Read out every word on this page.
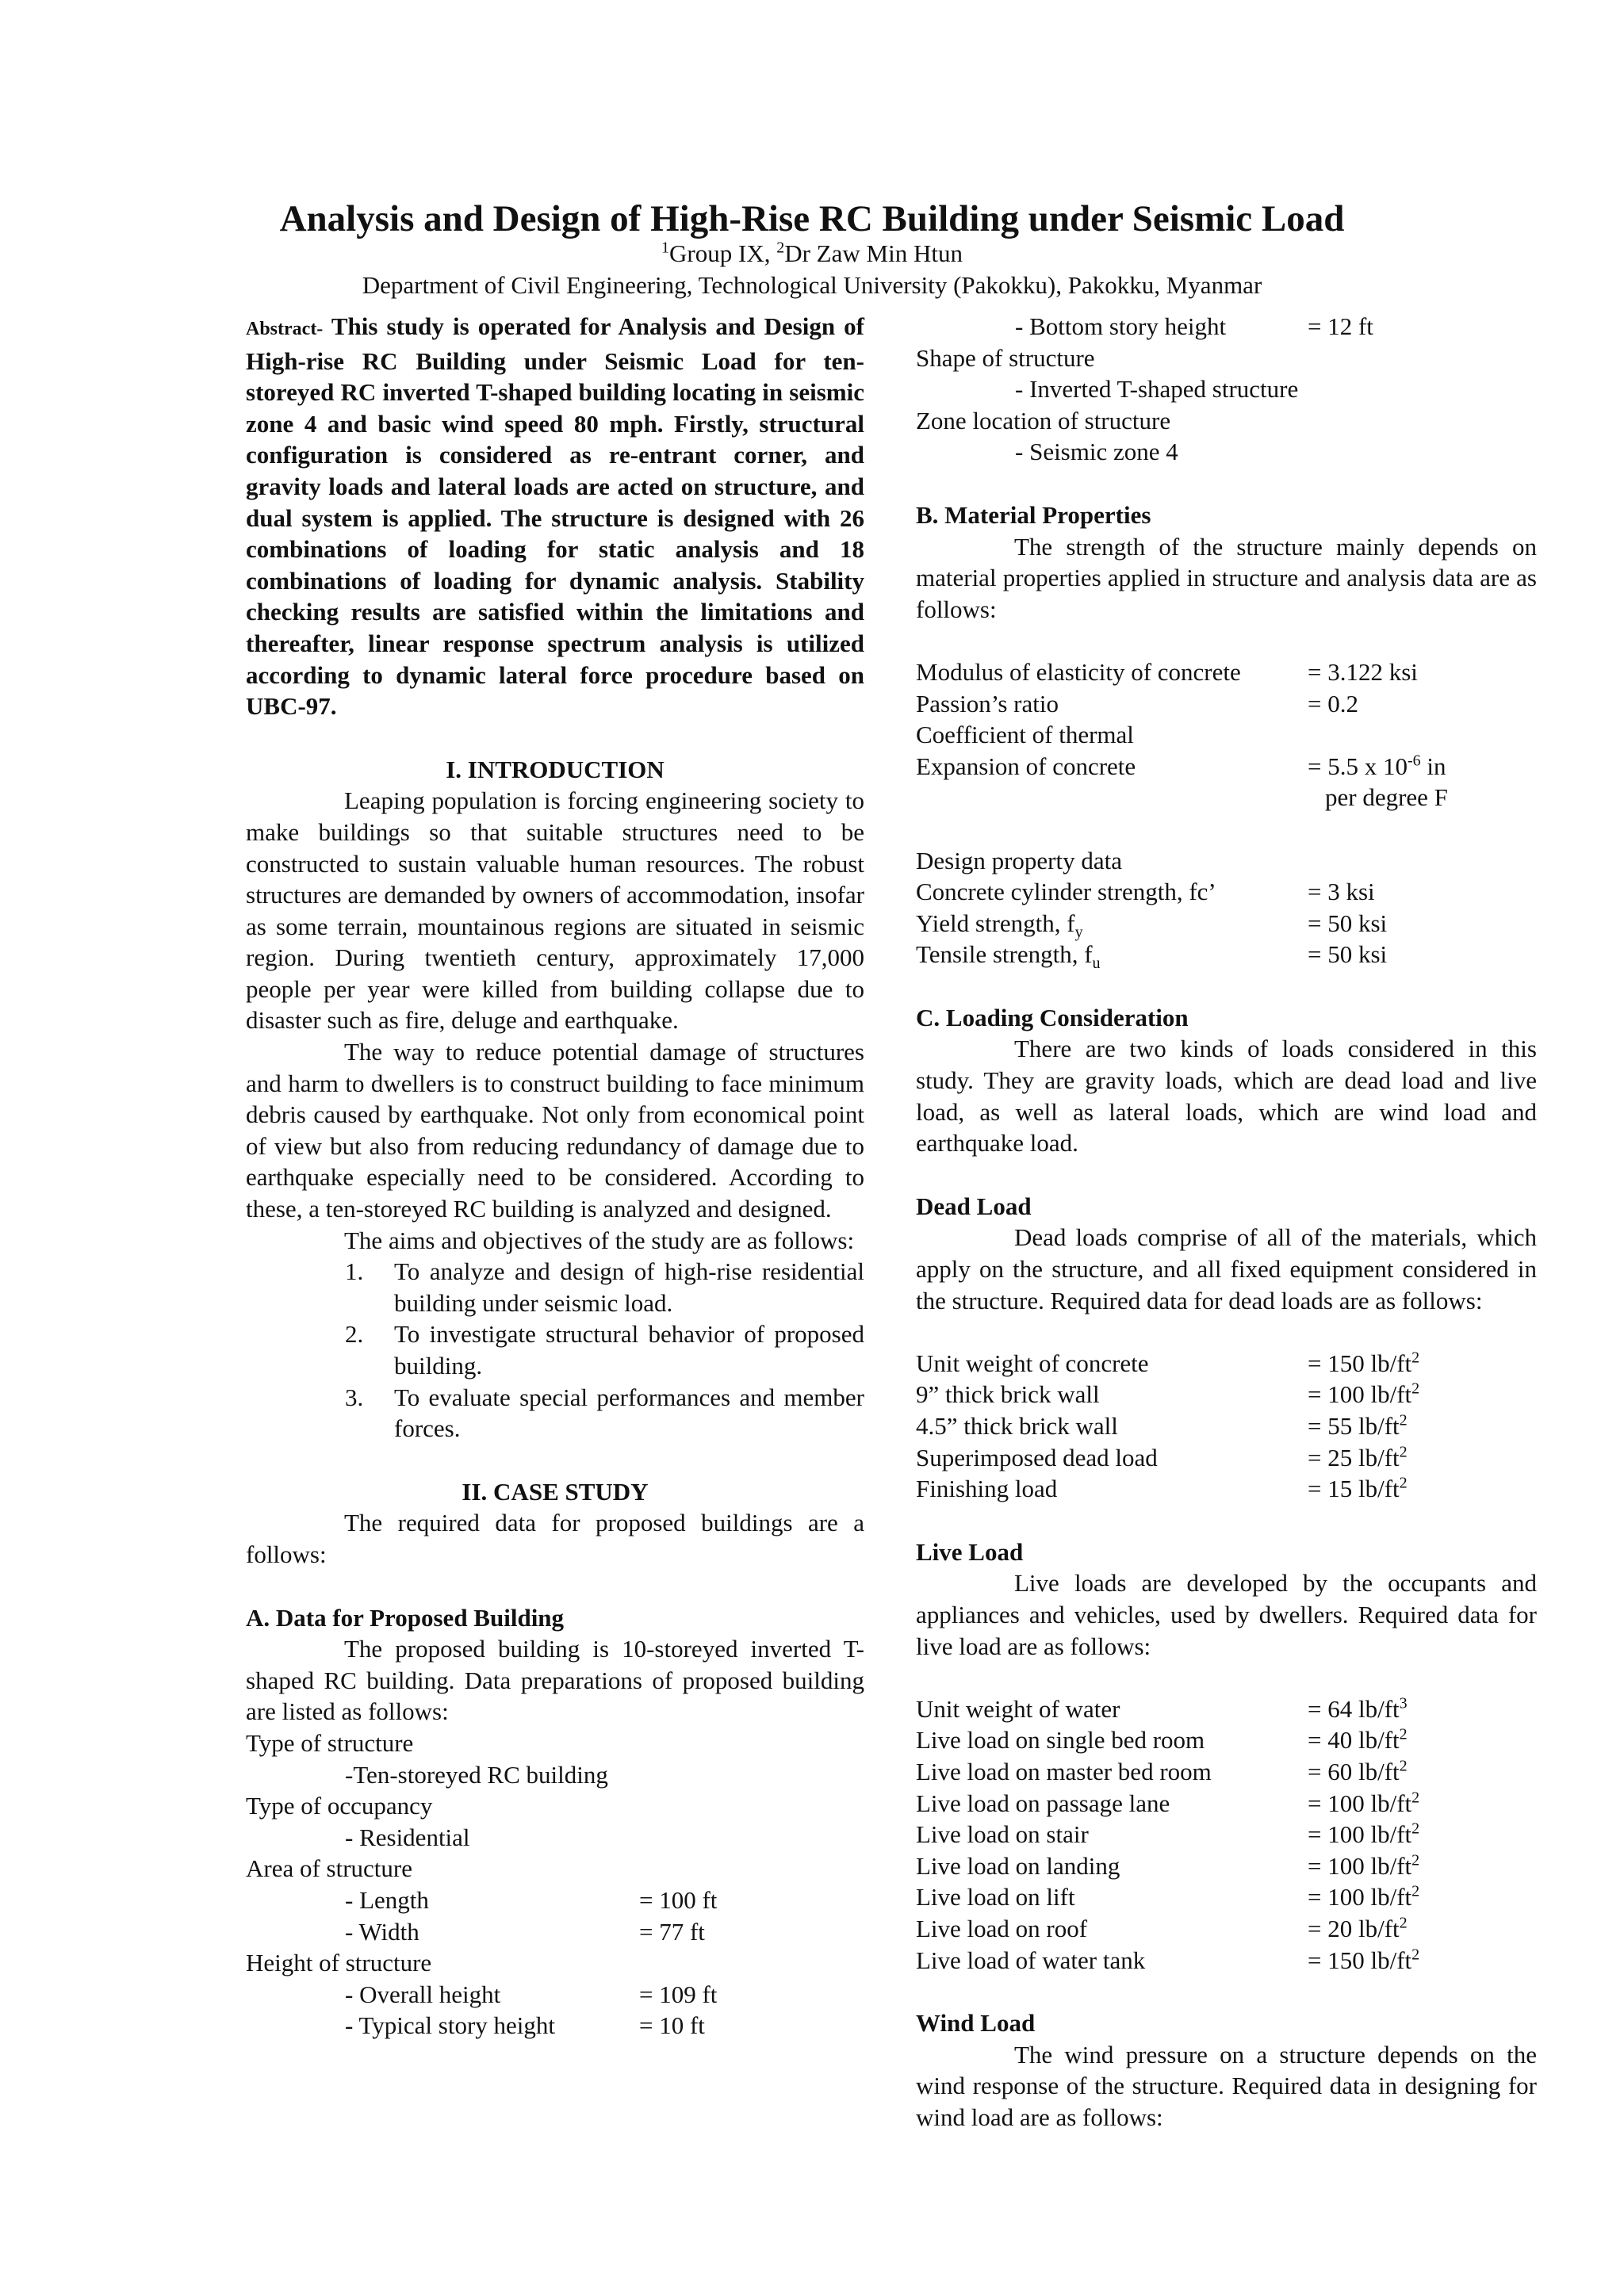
Analysis and Design of High-Rise RC Building under Seismic Load
$^1$Group IX, $^2$Dr Zaw Min Htun
Department of Civil Engineering, Technological University (Pakokku), Pakokku, Myanmar

Abstract- This study is operated for Analysis and Design of High-rise RC Building under Seismic Load for ten-storeyed RC inverted T-shaped building locating in seismic zone 4 and basic wind speed 80 mph. Firstly, structural configuration is considered as re-entrant corner, and gravity loads and lateral loads are acted on structure, and dual system is applied. The structure is designed with 26 combinations of loading for static analysis and 18 combinations of loading for dynamic analysis. Stability checking results are satisfied within the limitations and thereafter, linear response spectrum analysis is utilized according to dynamic lateral force procedure based on UBC-97.

I. INTRODUCTION

Leaping population is forcing engineering society to make buildings so that suitable structures need to be constructed to sustain valuable human resources. The robust structures are demanded by owners of accommodation, insofar as some terrain, mountainous regions are situated in seismic region. During twentieth century, approximately 17,000 people per year were killed from building collapse due to disaster such as fire, deluge and earthquake.

The way to reduce potential damage of structures and harm to dwellers is to construct building to face minimum debris caused by earthquake. Not only from economical point of view but also from reducing redundancy of damage due to earthquake especially need to be considered. According to these, a ten-storeyed RC building is analyzed and designed.

The aims and objectives of the study are as follows:

1.	To analyze and design of high-rise residential building under seismic load.
2.	To investigate structural behavior of proposed building.
3.	To evaluate special performances and member forces.
II. CASE STUDY

The required data for proposed buildings are a follows:

A. Data for Proposed Building

The proposed building is 10-storeyed inverted T-shaped RC building. Data preparations of proposed building are listed as follows:

Type of structure
-Ten-storeyed RC building
Type of occupancy
- Residential
Area of structure
- Length	= 100 ft
- Width	= 77 ft
Height of structure
- Overall height	= 109 ft
- Typical story height	= 10 ft
- Bottom story height	= 12 ft
Shape of structure
- Inverted T-shaped structure
Zone location of structure
- Seismic zone 4
B. Material Properties

The strength of the structure mainly depends on material properties applied in structure and analysis data are as follows:

Modulus of elasticity of concrete	= 3.122 ksi
Passion’s ratio	= 0.2
Coefficient of thermal
Expansion of concrete	= 5.5 x $10^{-6}$ in
per degree F
Design property data
Concrete cylinder strength, fc’	= 3 ksi
Yield strength, $f_y$	= 50 ksi
Tensile strength, $f_u$	= 50 ksi
C. Loading Consideration

There are two kinds of loads considered in this study. They are gravity loads, which are dead load and live load, as well as lateral loads, which are wind load and earthquake load.

Dead Load

Dead loads comprise of all of the materials, which apply on the structure, and all fixed equipment considered in the structure. Required data for dead loads are as follows:

Unit weight of concrete	= 150 $lb/ft^2$
9” thick brick wall	= 100 $lb/ft^2$
4.5” thick brick wall	= 55 $lb/ft^2$
Superimposed dead load	= 25 $lb/ft^2$
Finishing load	= 15 $lb/ft^2$
Live Load

Live loads are developed by the occupants and appliances and vehicles, used by dwellers. Required data for live load are as follows:

Unit weight of water	= 64 $lb/ft^3$
Live load on single bed room	= 40 $lb/ft^2$
Live load on master bed room	= 60 $lb/ft^2$
Live load on passage lane	= 100 $lb/ft^2$
Live load on stair	= 100 $lb/ft^2$
Live load on landing	= 100 $lb/ft^2$
Live load on lift	= 100 $lb/ft^2$
Live load on roof	= 20 $lb/ft^2$
Live load of water tank	= 150 $lb/ft^2$
Wind Load

The wind pressure on a structure depends on the wind response of the structure. Required data in designing for wind load are as follows:
